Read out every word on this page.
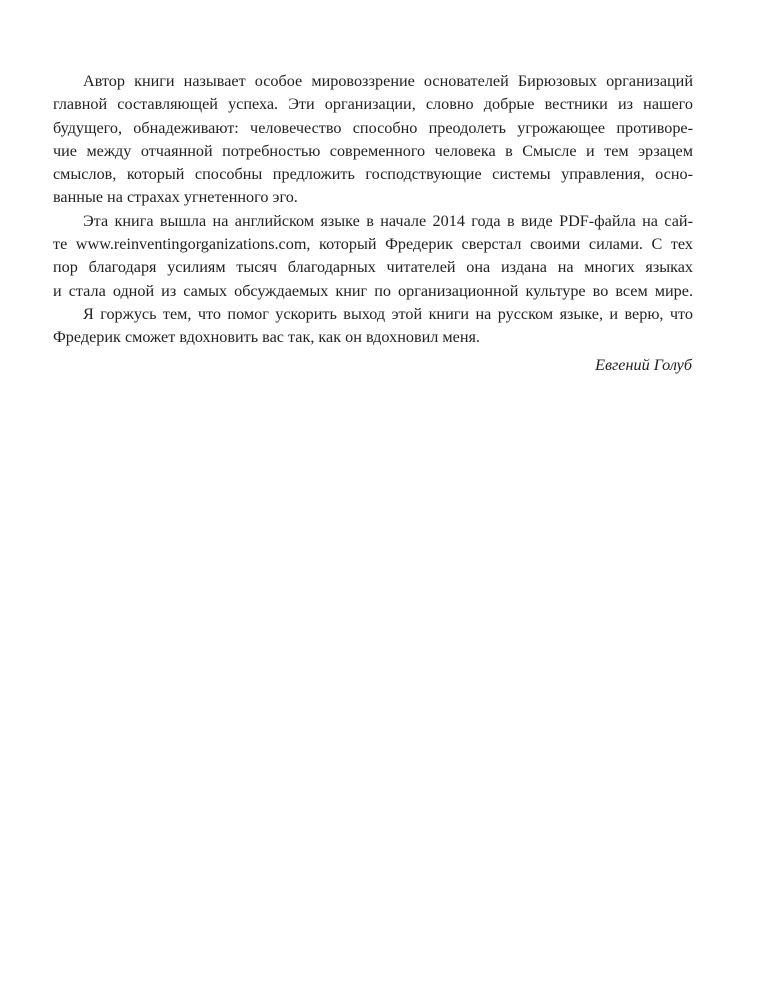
Автор книги называет особое мировоззрение основателей Бирюзовых организаций
главной составляющей успеха. Эти организации, словно добрые вестники из нашего
будущего, обнадеживают: человечество способно преодолеть угрожающее противоре-
чие между отчаянной потребностью современного человека в Смысле и тем эрзацем
смыслов, который способны предложить господствующие системы управления, осно-
ванные на страхах угнетенного эго.
Эта книга вышла на английском языке в начале 2014 года в виде PDF-файла на сай-
те www.reinventingorganizations.com, который Фредерик сверстал своими силами. С тех
пор благодаря усилиям тысяч благодарных читателей она издана на многих языках
и стала одной из самых обсуждаемых книг по организационной культуре во всем мире.
Я горжусь тем, что помог ускорить выход этой книги на русском языке, и верю, что
Фредерик сможет вдохновить вас так, как он вдохновил меня.
Евгений Голуб
